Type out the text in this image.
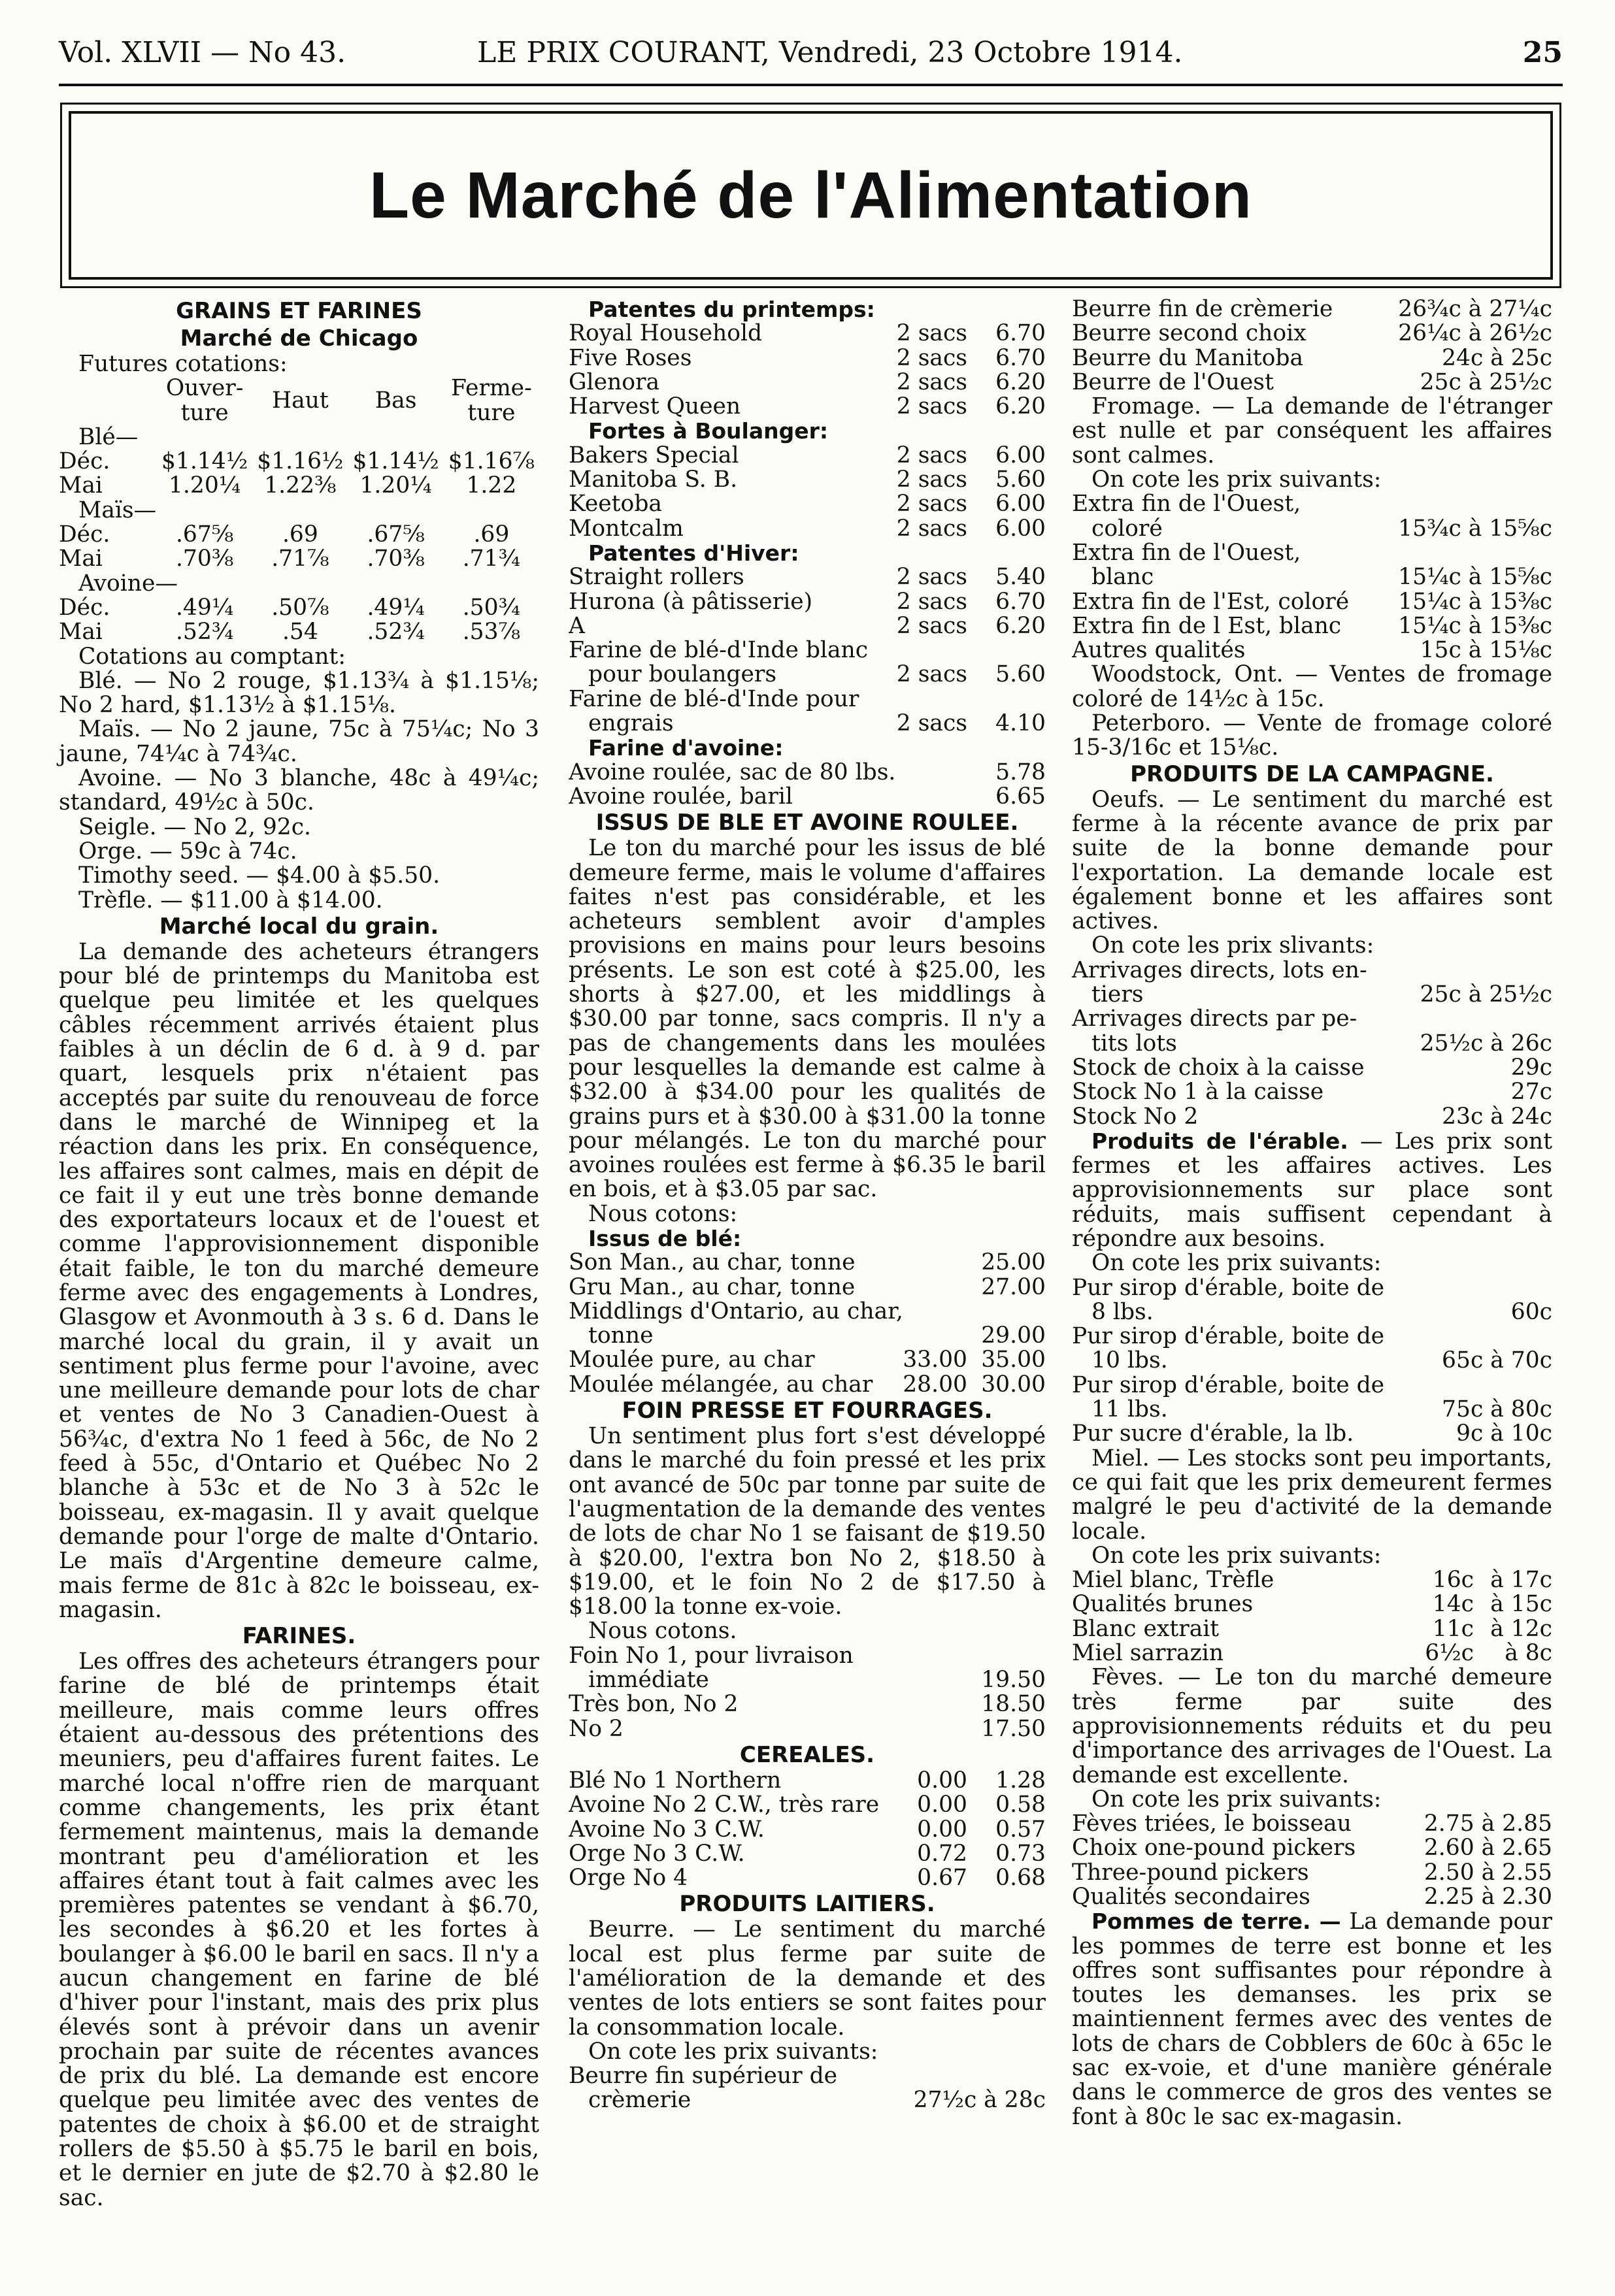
Vol. XLVII — No 43.	LE PRIX COURANT, Vendredi, 23 Octobre 1914.	25
Le Marché de l'Alimentation
GRAINS ET FARINES
Marché de Chicago

Futures cotations:

	Ouver-
ture	Haut	Bas	Ferme-
ture
Blé—				
Déc.	$1.14½	$1.16½	$1.14½	$1.16⅞
Mai	1.20¼	1.22⅜	1.20¼	1.22
Maïs—				
Déc.	.67⅝	.69	.67⅝	.69
Mai	.70⅜	.71⅞	.70⅜	.71¾
Avoine—				
Déc.	.49¼	.50⅞	.49¼	.50¾
Mai	.52¾	.54	.52¾	.53⅞

Cotations au comptant:

Blé. — No 2 rouge, $1.13¾ à $1.15⅛; No 2 hard, $1.13½ à $1.15⅛.

Maïs. — No 2 jaune, 75c à 75¼c; No 3 jaune, 74¼c à 74¾c.

Avoine. — No 3 blanche, 48c à 49¼c; standard, 49½c à 50c.

Seigle. — No 2, 92c.

Orge. — 59c à 74c.

Timothy seed. — $4.00 à $5.50.

Trèfle. — $11.00 à $14.00.

Marché local du grain.

La demande des acheteurs étrangers pour blé de printemps du Manitoba est quelque peu limitée et les quelques câbles récemment arrivés étaient plus faibles à un déclin de 6 d. à 9 d. par quart, lesquels prix n'étaient pas acceptés par suite du renouveau de force dans le marché de Winnipeg et la réaction dans les prix. En conséquence, les affaires sont calmes, mais en dépit de ce fait il y eut une très bonne demande des exportateurs locaux et de l'ouest et comme l'approvisionnement disponible était faible, le ton du marché demeure ferme avec des engagements à Londres, Glasgow et Avonmouth à 3 s. 6 d. Dans le marché local du grain, il y avait un sentiment plus ferme pour l'avoine, avec une meilleure demande pour lots de char et ventes de No 3 Canadien-Ouest à 56¾c, d'extra No 1 feed à 56c, de No 2 feed à 55c, d'Ontario et Québec No 2 blanche à 53c et de No 3 à 52c le boisseau, ex-magasin. Il y avait quelque demande pour l'orge de malte d'Ontario. Le maïs d'Argentine demeure calme, mais ferme de 81c à 82c le boisseau, ex-magasin.

FARINES.

Les offres des acheteurs étrangers pour farine de blé de printemps était meilleure, mais comme leurs offres étaient au-dessous des prétentions des meuniers, peu d'affaires furent faites. Le marché local n'offre rien de marquant comme changements, les prix étant fermement maintenus, mais la demande montrant peu d'amélioration et les affaires étant tout à fait calmes avec les premières patentes se vendant à $6.70, les secondes à $6.20 et les fortes à boulanger à $6.00 le baril en sacs. Il n'y a aucun changement en farine de blé d'hiver pour l'instant, mais des prix plus élevés sont à prévoir dans un avenir prochain par suite de récentes avances de prix du blé. La demande est encore quelque peu limitée avec des ventes de patentes de choix à $6.00 et de straight rollers de $5.50 à $5.75 le baril en bois, et le dernier en jute de $2.70 à $2.80 le sac.

Patentes du printemps:

Royal Household	2 sacs	6.70
Five Roses	2 sacs	6.70
Glenora	2 sacs	6.20
Harvest Queen	2 sacs	6.20

Fortes à Boulanger:

Bakers Special	2 sacs	6.00
Manitoba S. B.	2 sacs	5.60
Keetoba	2 sacs	6.00
Montcalm	2 sacs	6.00

Patentes d'Hiver:

Straight rollers	2 sacs	5.40
Hurona (à pâtisserie)	2 sacs	6.70
A	2 sacs	6.20

Farine de blé-d'Inde blanc

pour boulangers	2 sacs	5.60

Farine de blé-d'Inde pour

engrais	2 sacs	4.10

Farine d'avoine:

Avoine roulée, sac de 80 lbs.	5.78
Avoine roulée, baril	6.65
ISSUS DE BLE ET AVOINE ROULEE.

Le ton du marché pour les issus de blé demeure ferme, mais le volume d'affaires faites n'est pas considérable, et les acheteurs semblent avoir d'amples provisions en mains pour leurs besoins présents. Le son est coté à $25.00, les shorts à $27.00, et les middlings à $30.00 par tonne, sacs compris. Il n'y a pas de changements dans les moulées pour lesquelles la demande est calme à $32.00 à $34.00 pour les qualités de grains purs et à $30.00 à $31.00 la tonne pour mélangés. Le ton du marché pour avoines roulées est ferme à $6.35 le baril en bois, et à $3.05 par sac.

Nous cotons:

Issus de blé:

Son Man., au char, tonne	25.00
Gru Man., au char, tonne	27.00

Middlings d'Ontario, au char,

tonne	29.00
Moulée pure, au char	33.00 35.00
Moulée mélangée, au char	28.00 30.00
FOIN PRESSE ET FOURRAGES.

Un sentiment plus fort s'est développé dans le marché du foin pressé et les prix ont avancé de 50c par tonne par suite de l'augmentation de la demande des ventes de lots de char No 1 se faisant de $19.50 à $20.00, l'extra bon No 2, $18.50 à $19.00, et le foin No 2 de $17.50 à $18.00 la tonne ex-voie.

Nous cotons.

Foin No 1, pour livraison

immédiate	19.50
Très bon, No 2	18.50
No 2	17.50
CEREALES.
Blé No 1 Northern	0.00	1.28
Avoine No 2 C.W., très rare	0.00	0.58
Avoine No 3 C.W.	0.00	0.57
Orge No 3 C.W.	0.72	0.73
Orge No 4	0.67	0.68
PRODUITS LAITIERS.

Beurre. — Le sentiment du marché local est plus ferme par suite de l'amélioration de la demande et des ventes de lots entiers se sont faites pour la consommation locale.

On cote les prix suivants:

Beurre fin supérieur de

crèmerie	27½c à 28c
Beurre fin de crèmerie	26¾c à 27¼c
Beurre second choix	26¼c à 26½c
Beurre du Manitoba	24c à 25c
Beurre de l'Ouest	25c à 25½c

Fromage. — La demande de l'étranger est nulle et par conséquent les affaires sont calmes.

On cote les prix suivants:

Extra fin de l'Ouest,

coloré	15¾c à 15⅝c

Extra fin de l'Ouest,

blanc	15¼c à 15⅝c
Extra fin de l'Est, coloré	15¼c à 15⅜c
Extra fin de l Est, blanc	15¼c à 15⅜c
Autres qualités	15c à 15⅛c

Woodstock, Ont. — Ventes de fromage coloré de 14½c à 15c.

Peterboro. — Vente de fromage coloré 15-3/16c et 15⅛c.

PRODUITS DE LA CAMPAGNE.

Oeufs. — Le sentiment du marché est ferme à la récente avance de prix par suite de la bonne demande pour l'exportation. La demande locale est également bonne et les affaires sont actives.

On cote les prix slivants:

Arrivages directs, lots en-

tiers	25c à 25½c

Arrivages directs par pe-

tits lots	25½c à 26c
Stock de choix à la caisse	29c
Stock No 1 à la caisse	27c
Stock No 2	23c à 24c

Produits de l'érable. — Les prix sont fermes et les affaires actives. Les approvisionnements sur place sont réduits, mais suffisent cependant à répondre aux besoins.

On cote les prix suivants:

Pur sirop d'érable, boite de

8 lbs.	60c

Pur sirop d'érable, boite de

10 lbs.	65c à 70c

Pur sirop d'érable, boite de

11 lbs.	75c à 80c
Pur sucre d'érable, la lb.	9c à 10c

Miel. — Les stocks sont peu importants, ce qui fait que les prix demeurent fermes malgré le peu d'activité de la demande locale.

On cote les prix suivants:

Miel blanc, Trèfle	16c à 17c
Qualités brunes	14c à 15c
Blanc extrait	11c à 12c
Miel sarrazin	6½c	à 8c

Fèves. — Le ton du marché demeure très ferme par suite des approvisionnements réduits et du peu d'importance des arrivages de l'Ouest. La demande est excellente.

On cote les prix suivants:

Fèves triées, le boisseau	2.75 à 2.85
Choix one-pound pickers	2.60 à 2.65
Three-pound pickers	2.50 à 2.55
Qualités secondaires	2.25 à 2.30

Pommes de terre. — La demande pour les pommes de terre est bonne et les offres sont suffisantes pour répondre à toutes les demanses. les prix se maintiennent fermes avec des ventes de lots de chars de Cobblers de 60c à 65c le sac ex-voie, et d'une manière générale dans le commerce de gros des ventes se font à 80c le sac ex-magasin.
